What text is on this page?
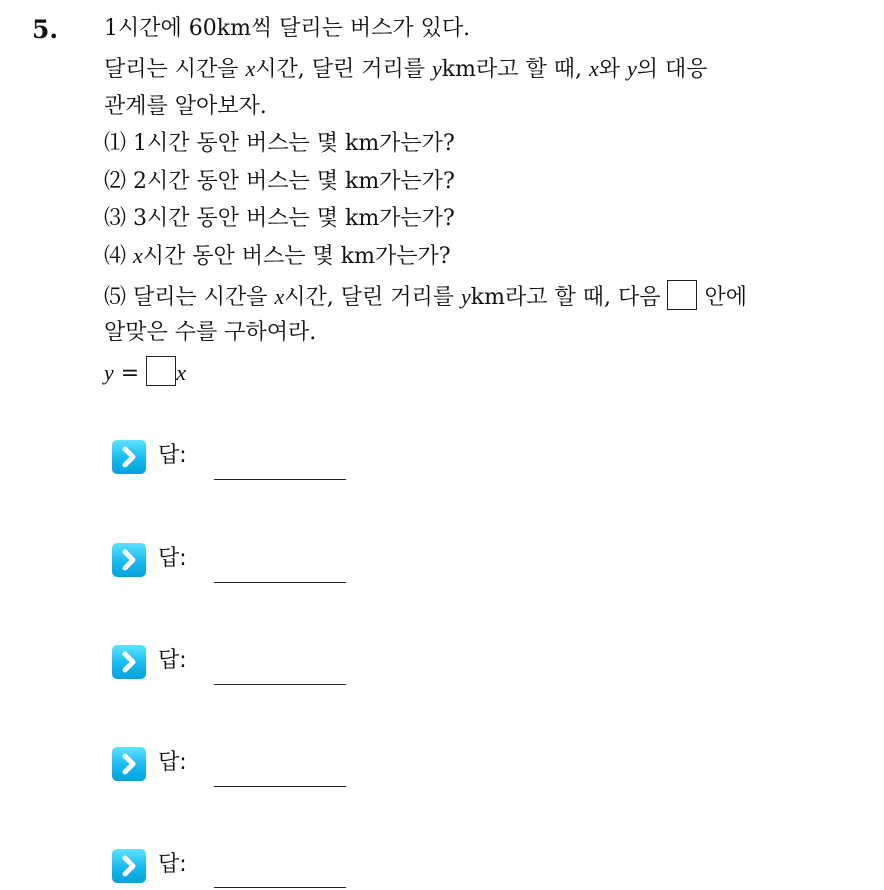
5. 1시간에 60km씩 달리는 버스가 있다.
달리는 시간을 x시간, 달린 거리를 ykm라고 할 때, x와 y의 대응
관계를 알아보자.
⑴ 1시간 동안 버스는 몇 km가는가?
⑵ 2시간 동안 버스는 몇 km가는가?
⑶ 3시간 동안 버스는 몇 km가는가?
⑷ x시간 동안 버스는 몇 km가는가?
⑸ 달리는 시간을 x시간, 달린 거리를 ykm라고 할 때, 다음  안에
알맞은 수를 구하여라.
y = x
답:
답:
답:
답:
답:
